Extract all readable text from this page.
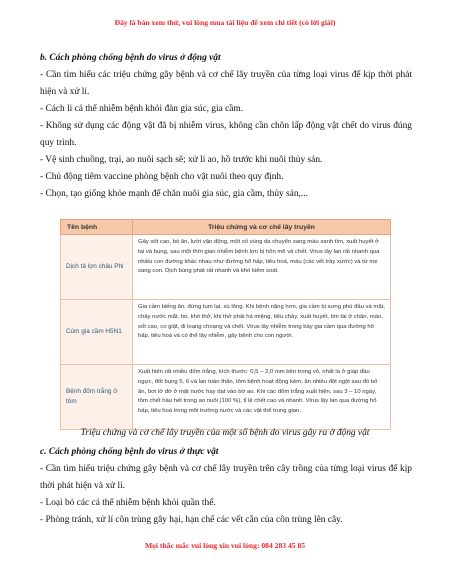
Đây là bản xem thử, vui lòng mua tài liệu để xem chi tiết (có lời giải)

b. Cách phòng chống bệnh do virus ở động vật

- Cần tìm hiểu các triệu chứng gây bệnh và cơ chế lây truyền của từng loại virus để kịp thời phát hiện và xử lí.

- Cách li cá thể nhiễm bệnh khỏi đàn gia súc, gia cầm.

- Không sử dụng các động vật đã bị nhiễm virus, không cần chôn lấp động vật chết do virus đúng quy trình.

- Vệ sinh chuồng, trại, ao nuôi sạch sẽ; xử lí ao, hồ trước khi nuôi thủy sản.

- Chủ động tiêm vaccine phòng bệnh cho vật nuôi theo quy định.

- Chọn, tạo giống khỏe mạnh để chăn nuôi gia súc, gia cầm, thủy sản,...

Tên bệnh	Triệu chứng và cơ chế lây truyền
Dịch tả lợn châu Phi	Gây sốt cao, bỏ ăn, lười vận động, một số vùng da chuyển sang màu xanh tím, xuất huyết ở tai và bụng, sau một thời gian nhiễm bệnh lợn bị hôn mê và chết. Virus lây lan rất nhanh qua nhiều con đường khác nhau như đường hô hấp, tiêu hoá, máu (các vết trầy xước) và từ mẹ sang con. Dịch bùng phát rất nhanh và khó kiểm soát.
Cúm gia cầm H5N1	Gia cầm biếng ăn, đứng tụm lại, xù lông. Khi bệnh nặng hơn, gia cầm bị sưng phù đầu và mặt, chảy nước mắt, ho, khó thở, khi thở phải há miệng, tiêu chảy, xuất huyết, tím tái ở chân, mào, sốt cao, co giật, đi loạng choạng và chết. Virus lây nhiễm trong bầy gia cầm qua đường hô hấp, tiêu hoá và có thể lây nhiễm, gây bệnh cho con người.
Bệnh đốm trắng ở tôm	Xuất hiện rất nhiều đốm trắng, kích thước: 0,5 – 2,0 mm bên trong vỏ, nhất là ở giáp đầu ngực, đốt bụng 5, 6 và lan toàn thân, tôm bệnh hoạt động kém, ăn nhiều đột ngột sau đó bỏ ăn, bơi lờ đờ ở mặt nước hay dạt vào bờ ao. Khi các đốm trắng xuất hiện, sau 3 – 10 ngày, tôm chết hầu hết trong ao nuôi (100 %), tỉ lệ chết cao và nhanh. Virus lây lan qua đường hô hấp, tiêu hoá trong môi trường nước và các vật thể trung gian.
Triệu chứng và cơ chế lây truyền của một số bệnh do virus gây ra ở động vật

c. Cách phòng chống bệnh do virus ở thực vật

- Cần tìm hiểu triệu chứng gây bệnh và cơ chế lây truyền trên cây trồng của từng loại virus để kịp thời phát hiện và xử lí.

- Loại bỏ các cá thể nhiễm bệnh khỏi quần thể.

- Phòng tránh, xử lí côn trùng gây hại, hạn chế các vết cắn của côn trùng lên cây.

Mọi thắc mắc vui lòng xin vui lòng: 084 283 45 85
